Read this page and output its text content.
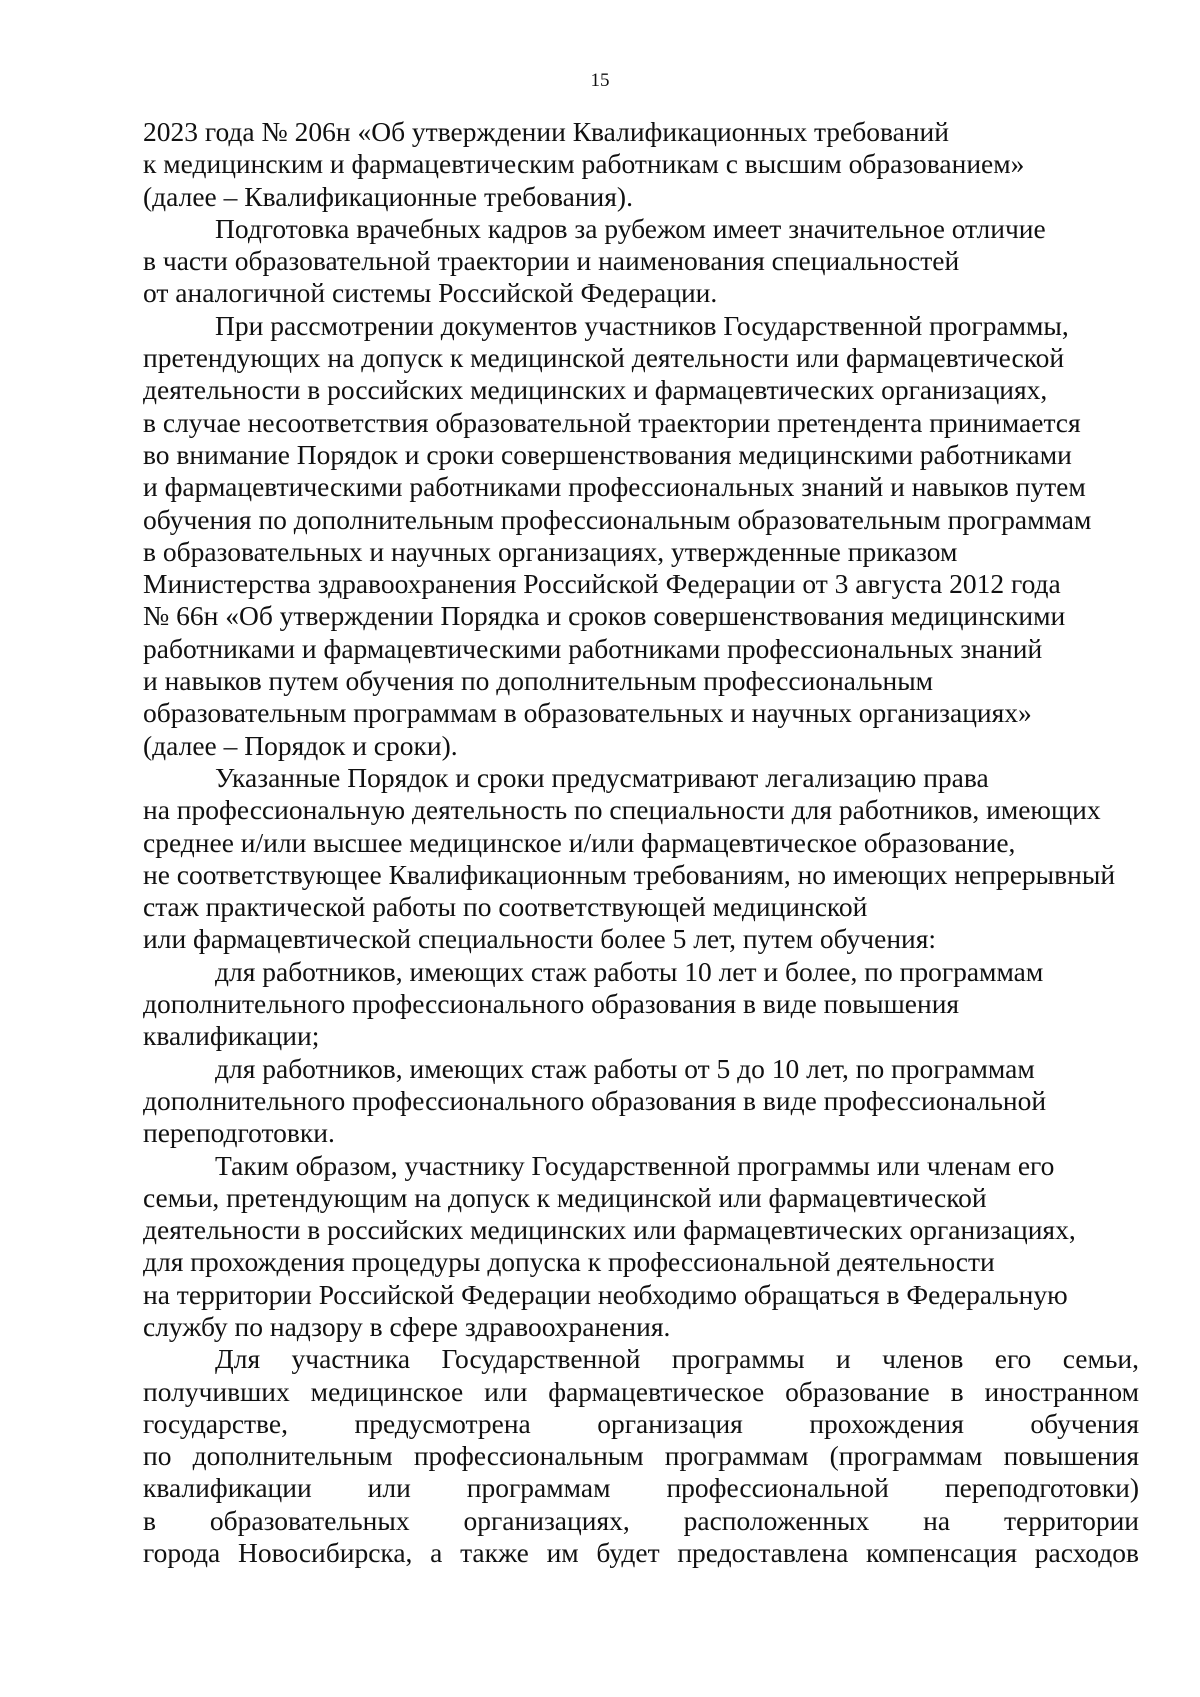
15

2023 года № 206н «Об утверждении Квалификационных требований
к медицинским и фармацевтическим работникам с высшим образованием»
(далее – Квалификационные требования).

Подготовка врачебных кадров за рубежом имеет значительное отличие
в части образовательной траектории и наименования специальностей
от аналогичной системы Российской Федерации.

При рассмотрении документов участников Государственной программы,
претендующих на допуск к медицинской деятельности или фармацевтической
деятельности в российских медицинских и фармацевтических организациях,
в случае несоответствия образовательной траектории претендента принимается
во внимание Порядок и сроки совершенствования медицинскими работниками
и фармацевтическими работниками профессиональных знаний и навыков путем
обучения по дополнительным профессиональным образовательным программам
в образовательных и научных организациях, утвержденные приказом
Министерства здравоохранения Российской Федерации от 3 августа 2012 года
№ 66н «Об утверждении Порядка и сроков совершенствования медицинскими
работниками и фармацевтическими работниками профессиональных знаний
и навыков путем обучения по дополнительным профессиональным
образовательным программам в образовательных и научных организациях»
(далее – Порядок и сроки).

Указанные Порядок и сроки предусматривают легализацию права
на профессиональную деятельность по специальности для работников, имеющих
среднее и/или высшее медицинское и/или фармацевтическое образование,
не соответствующее Квалификационным требованиям, но имеющих непрерывный
стаж практической работы по соответствующей медицинской
или фармацевтической специальности более 5 лет, путем обучения:

для работников, имеющих стаж работы 10 лет и более, по программам
дополнительного профессионального образования в виде повышения
квалификации;

для работников, имеющих стаж работы от 5 до 10 лет, по программам
дополнительного профессионального образования в виде профессиональной
переподготовки.

Таким образом, участнику Государственной программы или членам его
семьи, претендующим на допуск к медицинской или фармацевтической
деятельности в российских медицинских или фармацевтических организациях,
для прохождения процедуры допуска к профессиональной деятельности
на территории Российской Федерации необходимо обращаться в Федеральную
службу по надзору в сфере здравоохранения.

Для участника Государственной программы и членов его семьи,
получивших медицинское или фармацевтическое образование в иностранном
государстве, предусмотрена организация прохождения обучения
по дополнительным профессиональным программам (программам повышения
квалификации или программам профессиональной переподготовки)
в образовательных организациях, расположенных на территории
города Новосибирска, а также им будет предоставлена компенсация расходов
